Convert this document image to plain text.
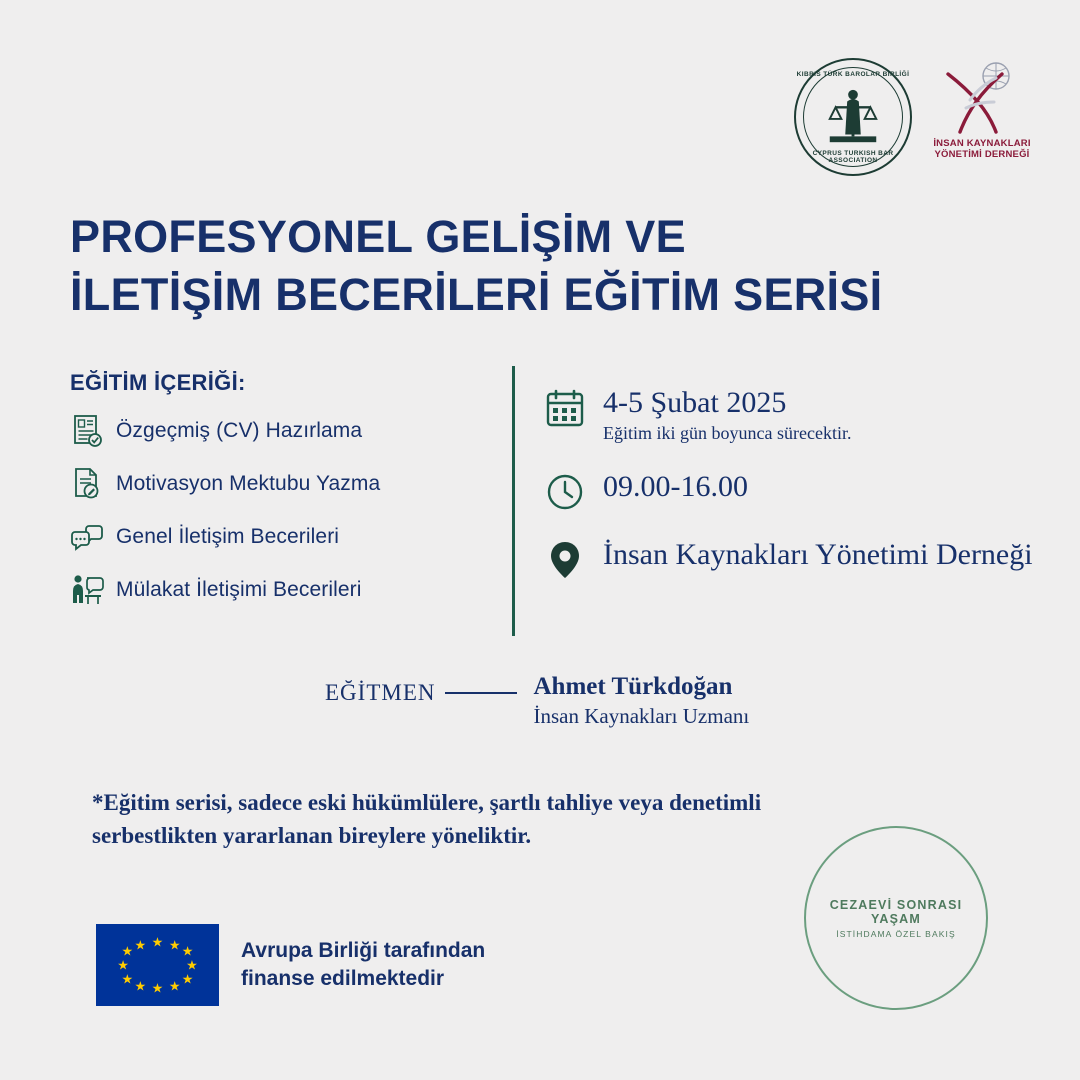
KIBRIS TÜRK BAROLAR BİRLİĞİ
CYPRUS TURKISH BAR ASSOCIATION
İNSAN KAYNAKLARI
YÖNETİMİ DERNEĞİ
PROFESYONEL GELİŞİM VE
İLETİŞİM BECERİLERİ EĞİTİM SERİSİ
EĞİTİM İÇERİĞİ:
Özgeçmiş (CV) Hazırlama
Motivasyon Mektubu Yazma
Genel İletişim Becerileri
Mülakat İletişimi Becerileri
4-5 Şubat 2025
Eğitim iki gün boyunca sürecektir.
09.00-16.00
İnsan Kaynakları Yönetimi Derneği
EĞİTMEN	Ahmet Türkdoğan
İnsan Kaynakları Uzmanı
*Eğitim serisi, sadece eski hükümlülere, şartlı tahliye veya denetimli serbestlikten yararlanan bireylere yöneliktir.
★ ★ ★
★
★
★
★
★
★
★
★ ★	Avrupa Birliği tarafından
finanse edilmektedir
CEZAEVİ SONRASI YAŞAM
İSTİHDAMA ÖZEL BAKIŞ
